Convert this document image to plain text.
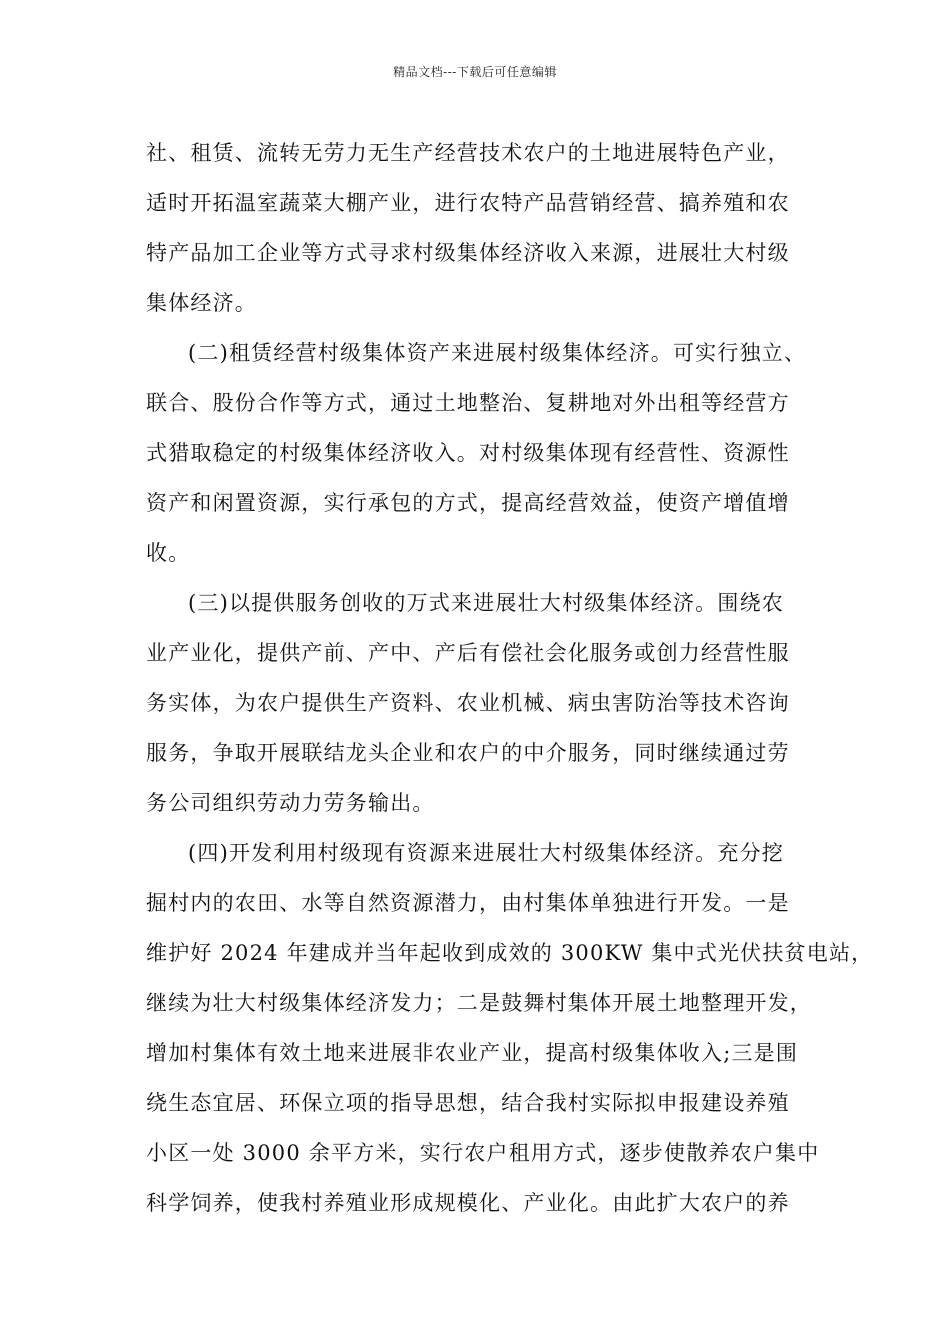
精品文档---下载后可任意编辑
社、租赁、流转无劳力无生产经营技术农户的土地进展特色产业，
适时开拓温室蔬菜大棚产业，进行农特产品营销经营、搞养殖和农
特产品加工企业等方式寻求村级集体经济收入来源，进展壮大村级
集体经济。
(二)租赁经营村级集体资产来进展村级集体经济。可实行独立、
联合、股份合作等方式，通过土地整治、复耕地对外出租等经营方
式猎取稳定的村级集体经济收入。对村级集体现有经营性、资源性
资产和闲置资源，实行承包的方式，提高经营效益，使资产增值增
收。
(三)以提供服务创收的万式来进展壮大村级集体经济。围绕农
业产业化，提供产前、产中、产后有偿社会化服务或创力经营性服
务实体，为农户提供生产资料、农业机械、病虫害防治等技术咨询
服务，争取开展联结龙头企业和农户的中介服务，同时继续通过劳
务公司组织劳动力劳务输出。
(四)开发利用村级现有资源来进展壮大村级集体经济。充分挖
掘村内的农田、水等自然资源潜力，由村集体单独进行开发。一是
维护好 2024 年建成并当年起收到成效的 300KW 集中式光伏扶贫电站，
继续为壮大村级集体经济发力；二是鼓舞村集体开展土地整理开发，
增加村集体有效土地来进展非农业产业，提高村级集体收入;三是围
绕生态宜居、环保立项的指导思想，结合我村实际拟申报建设养殖
小区一处 3000 余平方米，实行农户租用方式，逐步使散养农户集中
科学饲养，使我村养殖业形成规模化、产业化。由此扩大农户的养
